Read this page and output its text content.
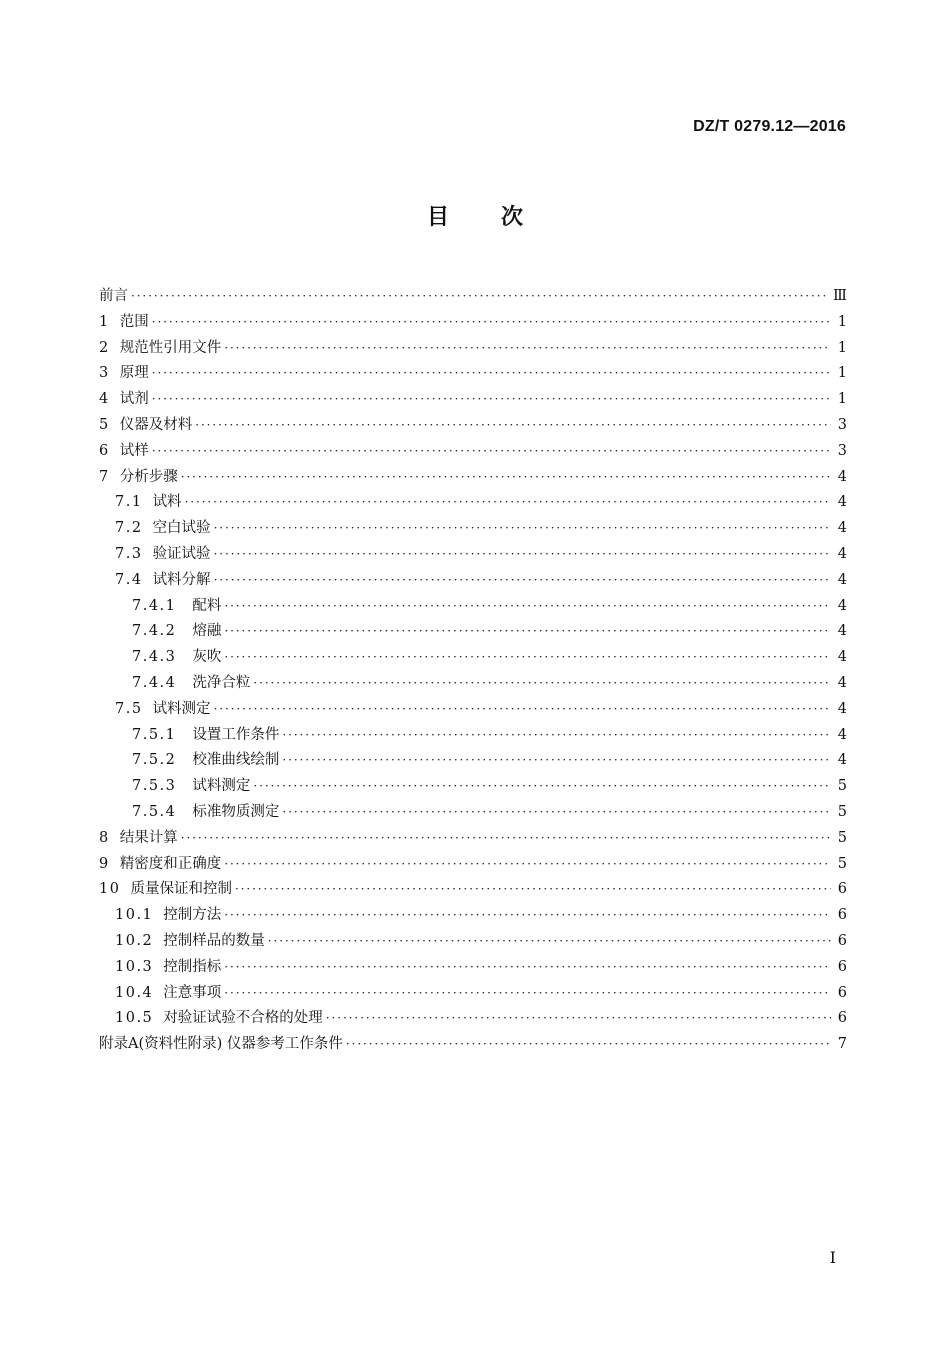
DZ/T 0279.12—2016
目次
前言 ·····	Ⅲ
1 范围 ·····	1
2 规范性引用文件 ·····	1
3 原理 ·····	1
4 试剂 ·····	1
5 仪器及材料 ·····	3
6 试样 ·····	3
7 分析步骤 ·····	4
7.1 试料 ·····	4
7.2 空白试验 ·····	4
7.3 验证试验 ·····	4
7.4 试料分解 ·····	4
7.4.1 配料 ·····	4
7.4.2 熔融 ·····	4
7.4.3 灰吹 ·····	4
7.4.4 洗净合粒 ·····	4
7.5 试料测定 ·····	4
7.5.1 设置工作条件 ·····	4
7.5.2 校准曲线绘制 ·····	4
7.5.3 试料测定 ·····	5
7.5.4 标准物质测定 ·····	5
8 结果计算 ·····	5
9 精密度和正确度 ·····	5
10 质量保证和控制 ·····	6
10.1 控制方法 ·····	6
10.2 控制样品的数量 ·····	6
10.3 控制指标 ·····	6
10.4 注意事项 ·····	6
10.5 对验证试验不合格的处理 ·····	6
附录A(资料性附录) 仪器参考工作条件 ·····	7
I
